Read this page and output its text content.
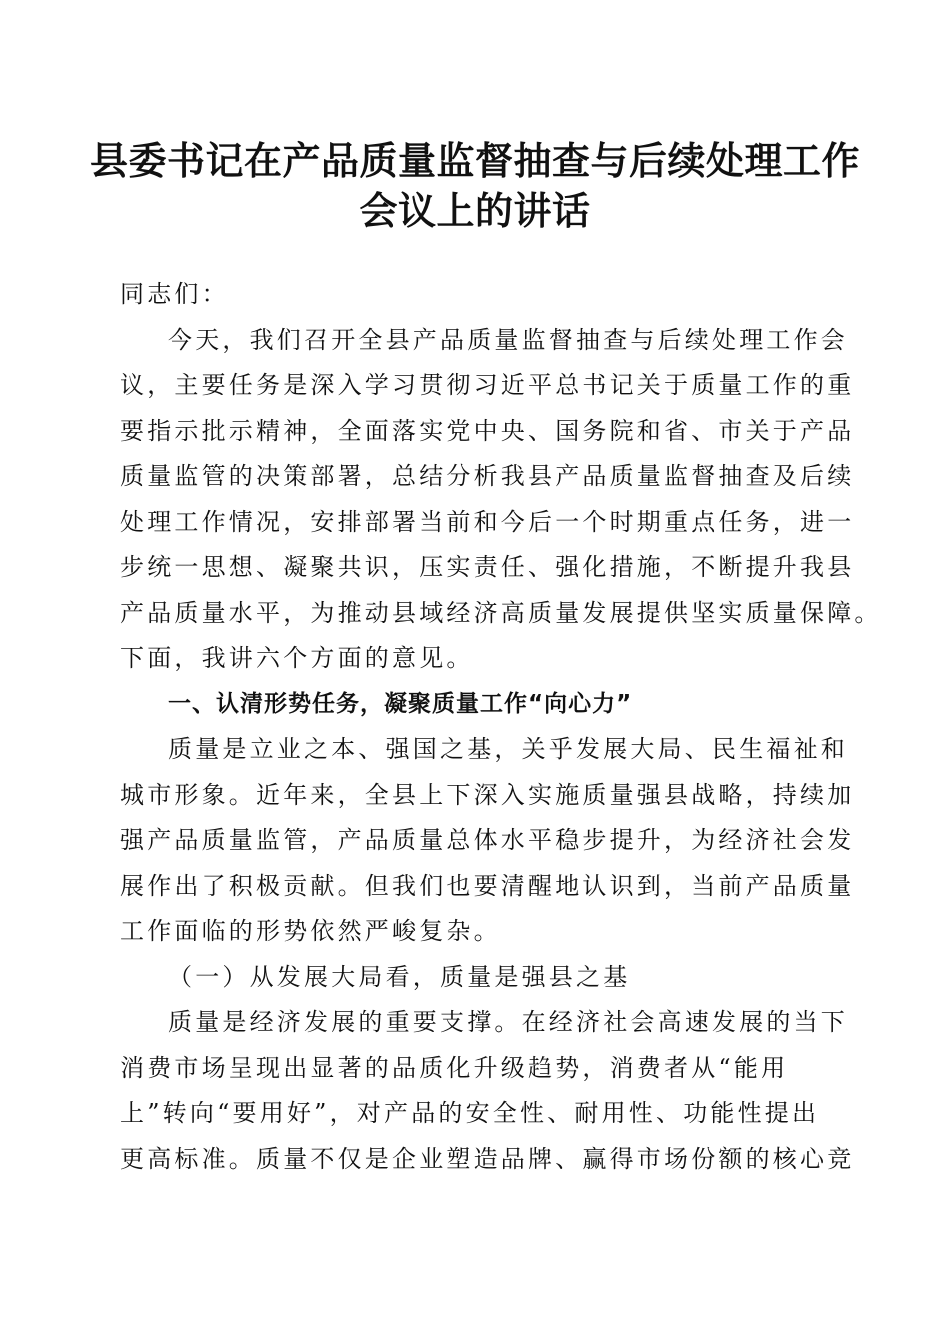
县委书记在产品质量监督抽查与后续处理工作
会议上的讲话
同志们：
今天，我们召开全县产品质量监督抽查与后续处理工作会
议，主要任务是深入学习贯彻习近平总书记关于质量工作的重
要指示批示精神，全面落实党中央、国务院和省、市关于产品
质量监管的决策部署，总结分析我县产品质量监督抽查及后续
处理工作情况，安排部署当前和今后一个时期重点任务，进一
步统一思想、凝聚共识，压实责任、强化措施，不断提升我县
产品质量水平，为推动县域经济高质量发展提供坚实质量保障。
下面，我讲六个方面的意见。
一、认清形势任务，凝聚质量工作“向心力”
质量是立业之本、强国之基，关乎发展大局、民生福祉和
城市形象。近年来，全县上下深入实施质量强县战略，持续加
强产品质量监管，产品质量总体水平稳步提升，为经济社会发
展作出了积极贡献。但我们也要清醒地认识到，当前产品质量
工作面临的形势依然严峻复杂。
（一）从发展大局看，质量是强县之基
质量是经济发展的重要支撑。在经济社会高速发展的当下
消费市场呈现出显著的品质化升级趋势，消费者从“能用
上”转向“要用好”，对产品的安全性、耐用性、功能性提出
更高标准。质量不仅是企业塑造品牌、赢得市场份额的核心竞
